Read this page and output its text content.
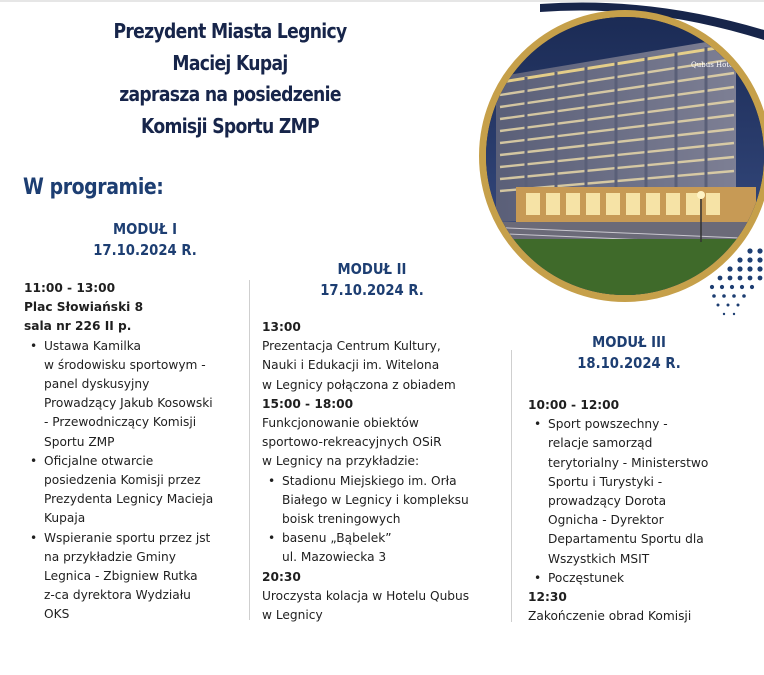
Prezydent Miasta Legnicy
Maciej Kupaj
zaprasza na posiedzenie
Komisji Sportu ZMP
W programie:
Qubus Hotel
MODUŁ I
17.10.2024 R.
MODUŁ II
17.10.2024 R.
MODUŁ III
18.10.2024 R.
11:00 - 13:00
Plac Słowiański 8
sala nr 226 II p.
• Ustawa Kamilka
w środowisku sportowym -
panel dyskusyjny
Prowadzący Jakub Kosowski
- Przewodniczący Komisji
Sportu ZMP
• Oficjalne otwarcie
posiedzenia Komisji przez
Prezydenta Legnicy Macieja
Kupaja
• Wspieranie sportu przez jst
na przykładzie Gminy
Legnica - Zbigniew Rutka
z-ca dyrektora Wydziału
OKS
13:00
Prezentacja Centrum Kultury,
Nauki i Edukacji im. Witelona
w Legnicy połączona z obiadem
15:00 - 18:00
Funkcjonowanie obiektów
sportowo-rekreacyjnych OSiR
w Legnicy na przykładzie:
• Stadionu Miejskiego im. Orła
Białego w Legnicy i kompleksu
boisk treningowych
• basenu „Bąbelek”
ul. Mazowiecka 3
20:30
Uroczysta kolacja w Hotelu Qubus
w Legnicy
10:00 - 12:00
• Sport powszechny -
relacje samorząd
terytorialny - Ministerstwo
Sportu i Turystyki -
prowadzący Dorota
Ognicha - Dyrektor
Departamentu Sportu dla
Wszystkich MSIT
• Poczęstunek
12:30
Zakończenie obrad Komisji
